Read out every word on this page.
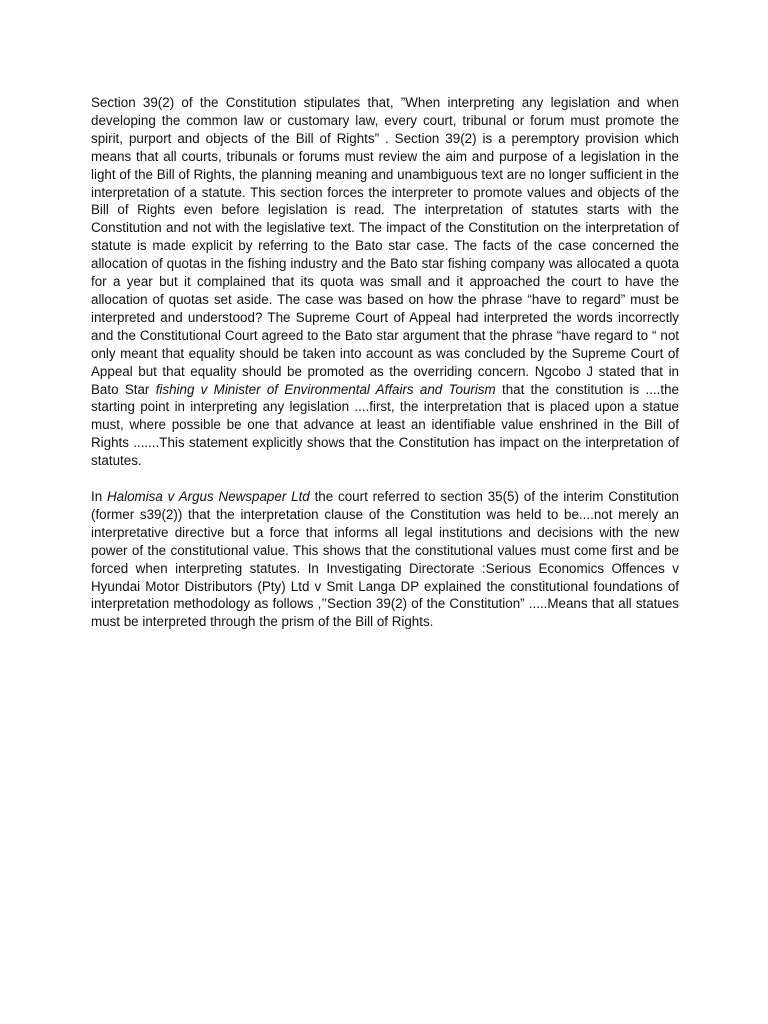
Section 39(2) of the Constitution stipulates that, ”When interpreting any legislation and when developing the common law or customary law, every court, tribunal or forum must promote the spirit, purport and objects of the Bill of Rights” . Section 39(2) is a peremptory provision which means that all courts, tribunals or forums must review the aim and purpose of a legislation in the light of the Bill of Rights, the planning meaning and unambiguous text are no longer sufficient in the interpretation of a statute. This section forces the interpreter to promote values and objects of the Bill of Rights even before legislation is read. The interpretation of statutes starts with the Constitution and not with the legislative text. The impact of the Constitution on the interpretation of statute is made explicit by referring to the Bato star case. The facts of the case concerned the allocation of quotas in the fishing industry and the Bato star fishing company was allocated a quota for a year but it complained that its quota was small and it approached the court to have the allocation of quotas set aside. The case was based on how the phrase “have to regard” must be interpreted and understood? The Supreme Court of Appeal had interpreted the words incorrectly and the Constitutional Court agreed to the Bato star argument that the phrase “have regard to “ not only meant that equality should be taken into account as was concluded by the Supreme Court of Appeal but that equality should be promoted as the overriding concern. Ngcobo J stated that in Bato Star fishing v Minister of Environmental Affairs and Tourism that the constitution is ....the starting point in interpreting any legislation ....first, the interpretation that is placed upon a statue must, where possible be one that advance at least an identifiable value enshrined in the Bill of Rights .......This statement explicitly shows that the Constitution has impact on the interpretation of statutes.

In Halomisa v Argus Newspaper Ltd the court referred to section 35(5) of the interim Constitution (former s39(2)) that the interpretation clause of the Constitution was held to be....not merely an interpretative directive but a force that informs all legal institutions and decisions with the new power of the constitutional value. This shows that the constitutional values must come first and be forced when interpreting statutes. In Investigating Directorate :Serious Economics Offences v Hyundai Motor Distributors (Pty) Ltd v Smit Langa DP explained the constitutional foundations of interpretation methodology as follows ,’’Section 39(2) of the Constitution” .....Means that all statues must be interpreted through the prism of the Bill of Rights.
